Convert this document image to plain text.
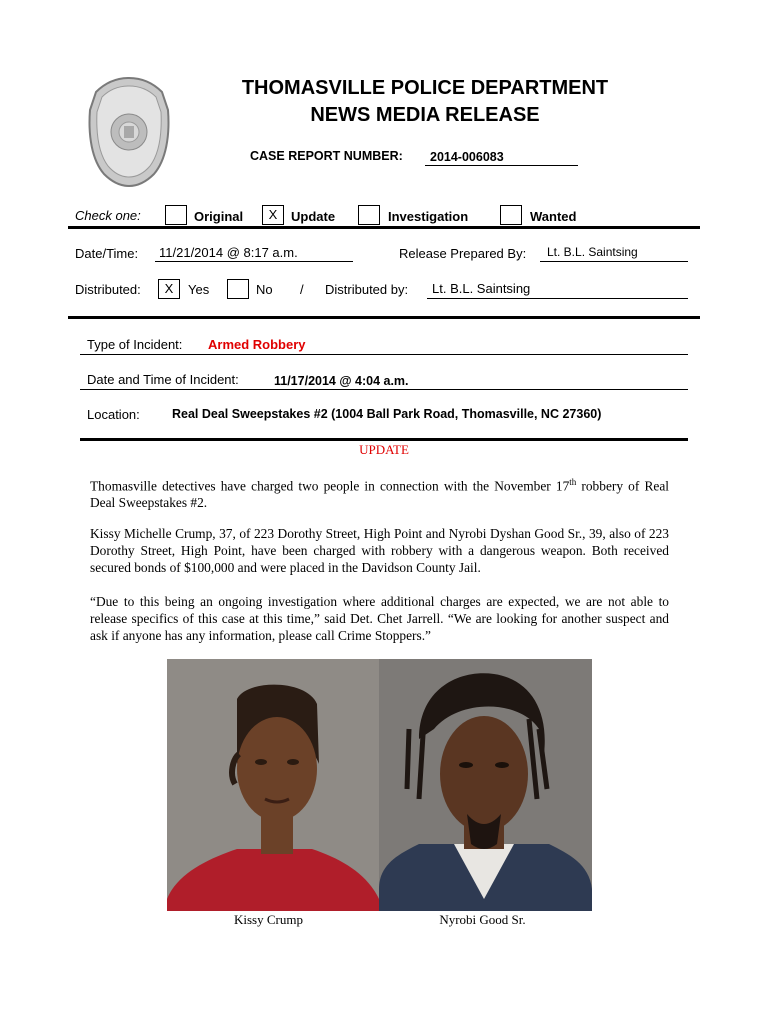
THOMASVILLE POLICE DEPARTMENT
NEWS MEDIA RELEASE
CASE REPORT NUMBER:	2014-006083
Check one:	Original	X	Update	Investigation	Wanted
Date/Time:	11/21/2014 @ 8:17 a.m.	Release Prepared By:	Lt. B.L. Saintsing
Distributed:	X	Yes	No / Distributed by:	Lt. B.L. Saintsing
Type of Incident: Armed Robbery
Date and Time of Incident:	11/17/2014 @ 4:04 a.m.
Location:	Real Deal Sweepstakes #2 (1004 Ball Park Road, Thomasville, NC 27360)
UPDATE
Thomasville detectives have charged two people in connection with the November 17th robbery of Real Deal Sweepstakes #2.
Kissy Michelle Crump, 37, of 223 Dorothy Street, High Point and Nyrobi Dyshan Good Sr., 39, also of 223 Dorothy Street, High Point, have been charged with robbery with a dangerous weapon. Both received secured bonds of $100,000 and were placed in the Davidson County Jail.
“Due to this being an ongoing investigation where additional charges are expected, we are not able to release specifics of this case at this time,” said Det. Chet Jarrell. “We are looking for another suspect and ask if anyone has any information, please call Crime Stoppers.”
Kissy Crump	Nyrobi Good Sr.
